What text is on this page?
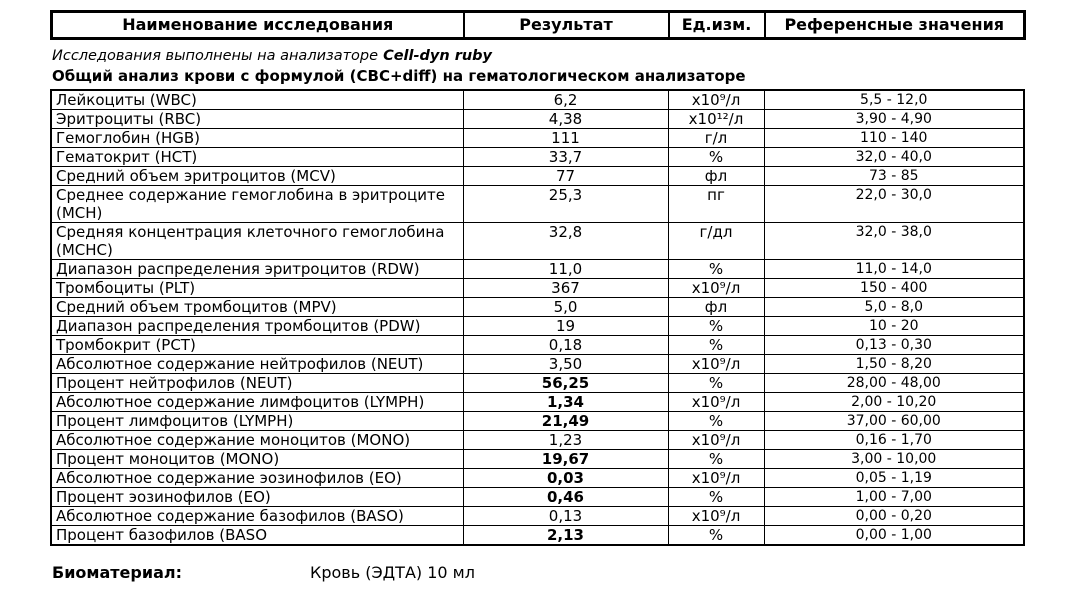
Наименование исследования	Результат	Ед.изм.	Референсные значения

Исследования выполнены на анализаторе Cell-dyn ruby

Общий анализ крови с формулой (CBC+diff) на гематологическом анализаторе

Лейкоциты (WBC)	6,2	х10⁹/л	5,5 - 12,0
Эритроциты (RBC)	4,38	х10¹²/л	3,90 - 4,90
Гемоглобин (HGB)	111	г/л	110 - 140
Гематокрит (HCT)	33,7	%	32,0 - 40,0
Средний объем эритроцитов (MCV)	77	фл	73 - 85
Среднее содержание гемоглобина в эритроците (MCH)	25,3	пг	22,0 - 30,0
Средняя концентрация клеточного гемоглобина (MCHC)	32,8	г/дл	32,0 - 38,0
Диапазон распределения эритроцитов (RDW)	11,0	%	11,0 - 14,0
Тромбоциты (PLT)	367	х10⁹/л	150 - 400
Средний объем тромбоцитов (MPV)	5,0	фл	5,0 - 8,0
Диапазон распределения тромбоцитов (PDW)	19	%	10 - 20
Тромбокрит (PCT)	0,18	%	0,13 - 0,30
Абсолютное содержание нейтрофилов (NEUT)	3,50	х10⁹/л	1,50 - 8,20
Процент нейтрофилов (NEUT)	56,25	%	28,00 - 48,00
Абсолютное содержание лимфоцитов (LYMPH)	1,34	х10⁹/л	2,00 - 10,20
Процент лимфоцитов (LYMPH)	21,49	%	37,00 - 60,00
Абсолютное содержание моноцитов (MONO)	1,23	х10⁹/л	0,16 - 1,70
Процент моноцитов (MONO)	19,67	%	3,00 - 10,00
Абсолютное содержание эозинофилов (EO)	0,03	х10⁹/л	0,05 - 1,19
Процент эозинофилов (EO)	0,46	%	1,00 - 7,00
Абсолютное содержание базофилов (BASO)	0,13	х10⁹/л	0,00 - 0,20
Процент базофилов (BASO	2,13	%	0,00 - 1,00
Биоматериал:	Кровь (ЭДТА) 10 мл
